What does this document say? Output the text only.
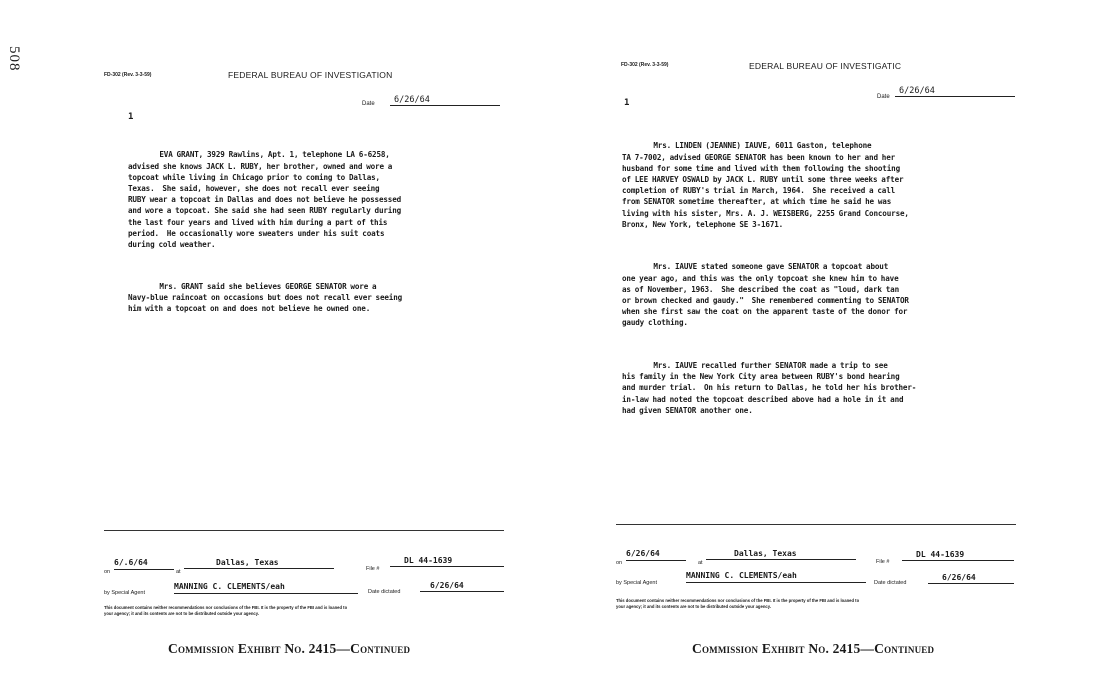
508
FD-302 (Rev. 3-3-59)	FEDERAL BUREAU OF INVESTIGATION
Date	6/26/64
1

EVA GRANT, 3929 Rawlins, Apt. 1, telephone LA 6-6258,
advised she knows JACK L. RUBY, her brother, owned and wore a
topcoat while living in Chicago prior to coming to Dallas,
Texas.  She said, however, she does not recall ever seeing
RUBY wear a topcoat in Dallas and does not believe he possessed
and wore a topcoat. She said she had seen RUBY regularly during
the last four years and lived with him during a part of this
period.  He occasionally wore sweaters under his suit coats
during cold weather.

Mrs. GRANT said she believes GEORGE SENATOR wore a
Navy-blue raincoat on occasions but does not recall ever seeing
him with a topcoat on and does not believe he owned one.

on
6/.6/64
at
Dallas, Texas
File #
DL 44-1639
by Special Agent
MANNING C. CLEMENTS/eah
Date dictated
6/26/64
This document contains neither recommendations nor conclusions of the FBI. It is the property of the FBI and is loaned to
your agency; it and its contents are not to be distributed outside your agency.
Commission Exhibit No. 2415—Continued
FD-302 (Rev. 3-3-59)	EDERAL BUREAU OF INVESTIGATIC
Date
6/26/64
1

Mrs. LINDEN (JEANNE) IAUVE, 6011 Gaston, telephone
TA 7-7002, advised GEORGE SENATOR has been known to her and her
husband for some time and lived with them following the shooting
of LEE HARVEY OSWALD by JACK L. RUBY until some three weeks after
completion of RUBY's trial in March, 1964.  She received a call
from SENATOR sometime thereafter, at which time he said he was
living with his sister, Mrs. A. J. WEISBERG, 2255 Grand Concourse,
Bronx, New York, telephone SE 3-1671.

Mrs. IAUVE stated someone gave SENATOR a topcoat about
one year ago, and this was the only topcoat she knew him to have
as of November, 1963.  She described the coat as "loud, dark tan
or brown checked and gaudy."  She remembered commenting to SENATOR
when she first saw the coat on the apparent taste of the donor for
gaudy clothing.

Mrs. IAUVE recalled further SENATOR made a trip to see
his family in the New York City area between RUBY's bond hearing
and murder trial.  On his return to Dallas, he told her his brother-
in-law had noted the topcoat described above had a hole in it and
had given SENATOR another one.

on
6/26/64
at
Dallas, Texas
File #
DL 44-1639
by Special Agent
MANNING C. CLEMENTS/eah
Date dictated
6/26/64
This document contains neither recommendations nor conclusions of the FBI. It is the property of the FBI and is loaned to
your agency; it and its contents are not to be distributed outside your agency.
Commission Exhibit No. 2415—Continued
